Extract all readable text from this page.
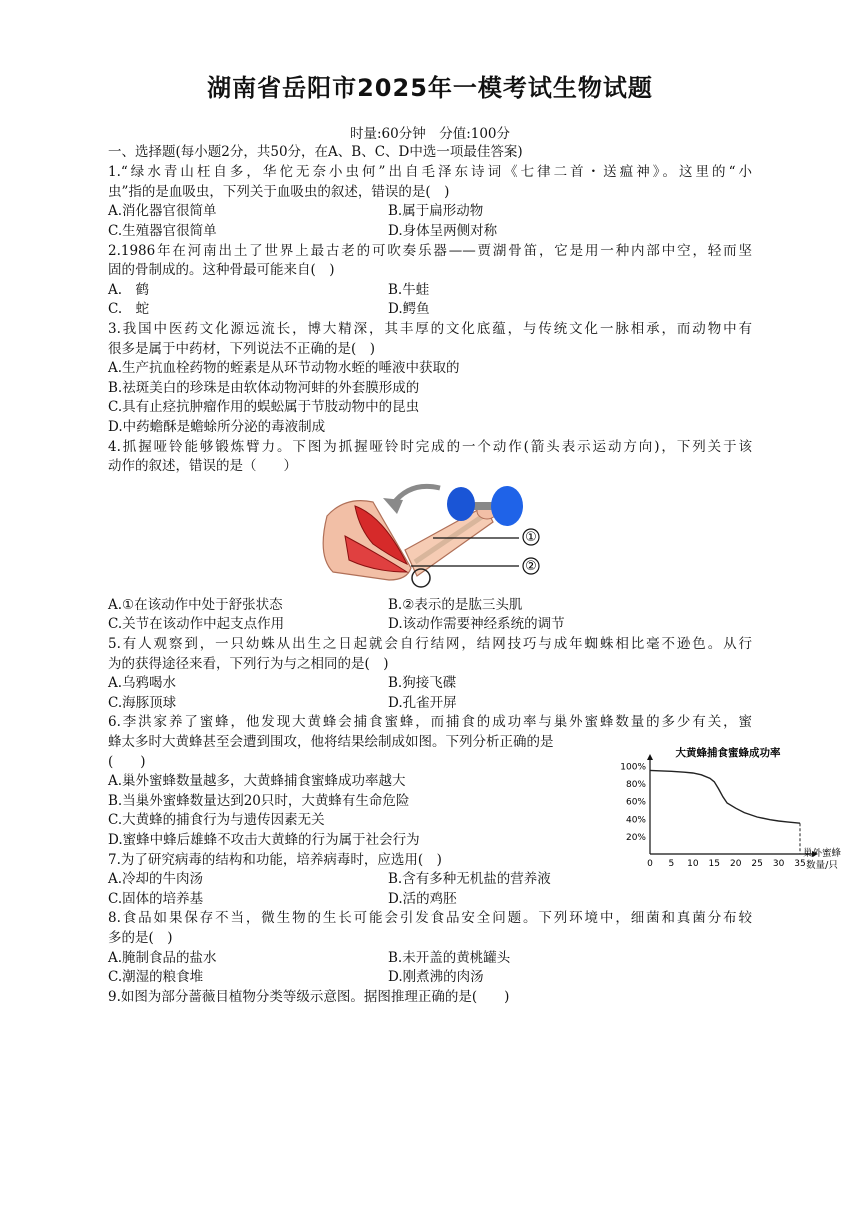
湖南省岳阳市2025年一模考试生物试题
时量:60分钟　分值:100分
一、选择题(每小题2分，共50分，在A、B、C、D中选一项最佳答案)
1.“绿水青山枉自多，华佗无奈小虫何”出自毛泽东诗词《七律二首・送瘟神》。这里的“小
虫”指的是血吸虫，下列关于血吸虫的叙述，错误的是(　)
A.消化器官很简单	B.属于扁形动物
C.生殖器官很简单	D.身体呈两侧对称
2.1986年在河南出土了世界上最古老的可吹奏乐器——贾湖骨笛，它是用一种内部中空，轻而坚
固的骨制成的。这种骨最可能来自(　)
A.　鹤	B.牛蛙
C.　蛇	D.鳄鱼
3.我国中医药文化源远流长，博大精深，其丰厚的文化底蕴，与传统文化一脉相承，而动物中有
很多是属于中药材，下列说法不正确的是(　)
A.生产抗血栓药物的蛭素是从环节动物水蛭的唾液中获取的
B.祛斑美白的珍珠是由软体动物河蚌的外套膜形成的
C.具有止痉抗肿瘤作用的蜈蚣属于节肢动物中的昆虫
D.中药蟾酥是蟾蜍所分泌的毒液制成
4.抓握哑铃能够锻炼臂力。下图为抓握哑铃时完成的一个动作(箭头表示运动方向)，下列关于该
动作的叙述，错误的是（　　）
①
②
A.①在该动作中处于舒张状态	B.②表示的是肱三头肌
C.关节在该动作中起支点作用	D.该动作需要神经系统的调节
5.有人观察到，一只幼蛛从出生之日起就会自行结网，结网技巧与成年蜘蛛相比毫不逊色。从行
为的获得途径来看，下列行为与之相同的是(　)
A.乌鸦喝水	B.狗接飞碟
C.海豚顶球	D.孔雀开屏
6.李洪家养了蜜蜂，他发现大黄蜂会捕食蜜蜂，而捕食的成功率与巢外蜜蜂数量的多少有关，蜜
蜂太多时大黄蜂甚至会遭到围攻，他将结果绘制成如图。下列分析正确的是
(　　)
A.巢外蜜蜂数量越多，大黄蜂捕食蜜蜂成功率越大
B.当巢外蜜蜂数量达到20只时，大黄蜂有生命危险
C.大黄蜂的捕食行为与遗传因素无关
D.蜜蜂中蜂后雄蜂不攻击大黄蜂的行为属于社会行为
大黄蜂捕食蜜蜂成功率
20%
40%
60%
80%
100%
0 5 10 15 20 25 30 35
巢外蜜蜂
数量/只
7.为了研究病毒的结构和功能，培养病毒时，应选用(　)
A.冷却的牛肉汤	B.含有多种无机盐的营养液
C.固体的培养基	D.活的鸡胚
8.食品如果保存不当，微生物的生长可能会引发食品安全问题。下列环境中，细菌和真菌分布较
多的是(　)
A.腌制食品的盐水	B.未开盖的黄桃罐头
C.潮湿的粮食堆	D.刚煮沸的肉汤
9.如图为部分蔷薇目植物分类等级示意图。据图推理正确的是(　　)
